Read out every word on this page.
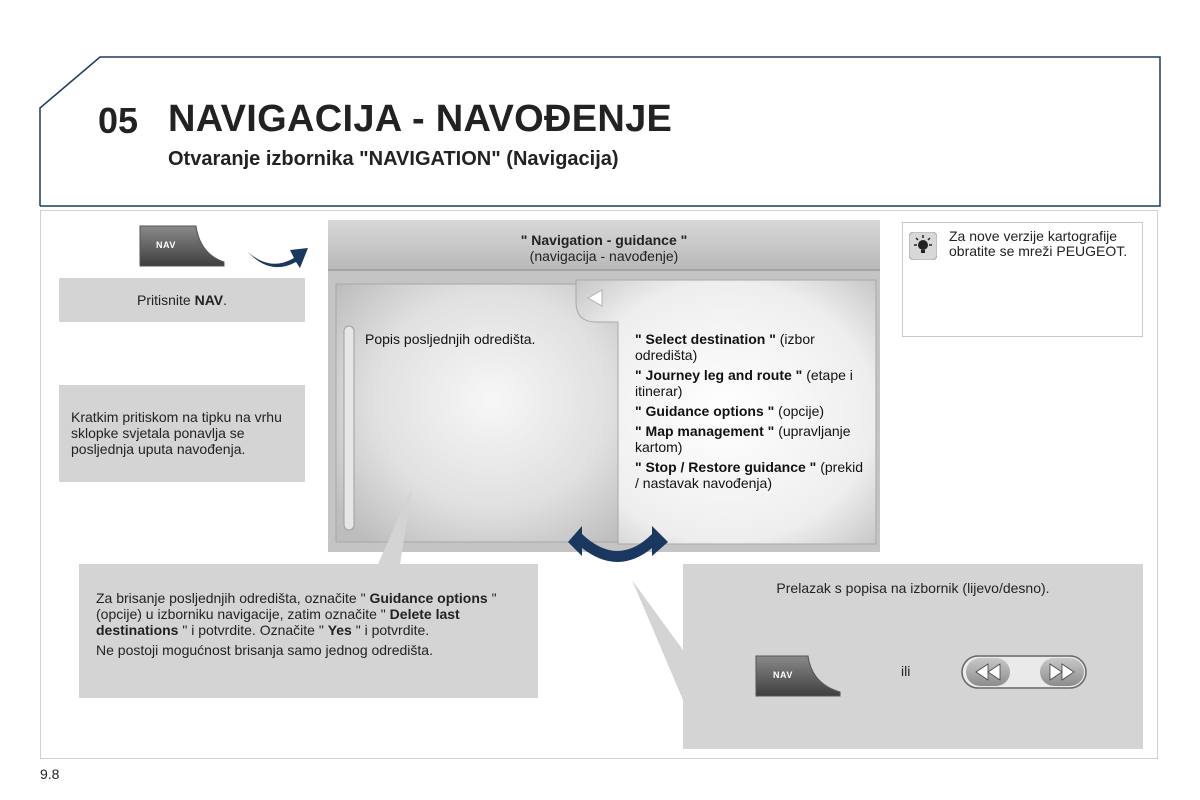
05 NAVIGACIJA - NAVOĐENJE
Otvaranje izbornika "NAVIGATION" (Navigacija)
NAV
Pritisnite NAV.
Kratkim pritiskom na tipku na vrhu sklopke svjetala ponavlja se posljednja uputa navođenja.
" Navigation - guidance "
(navigacija - navođenje)
Popis posljednjih odredišta.	" Select destination " (izbor odredišta)
" Journey leg and route " (etape i itinerar)
" Guidance options " (opcije)
" Map management " (upravljanje kartom)
" Stop / Restore guidance " (prekid / nastavak navođenja)
Za nove verzije kartografije obratite se mreži PEUGEOT.
Za brisanje posljednjih odredišta, označite " Guidance options " (opcije) u izborniku navigacije, zatim označite " Delete last destinations " i potvrdite. Označite " Yes " i potvrdite.
Ne postoji mogućnost brisanja samo jednog odredišta.
Prelazak s popisa na izbornik (lijevo/desno).
NAV	ili
9.8
